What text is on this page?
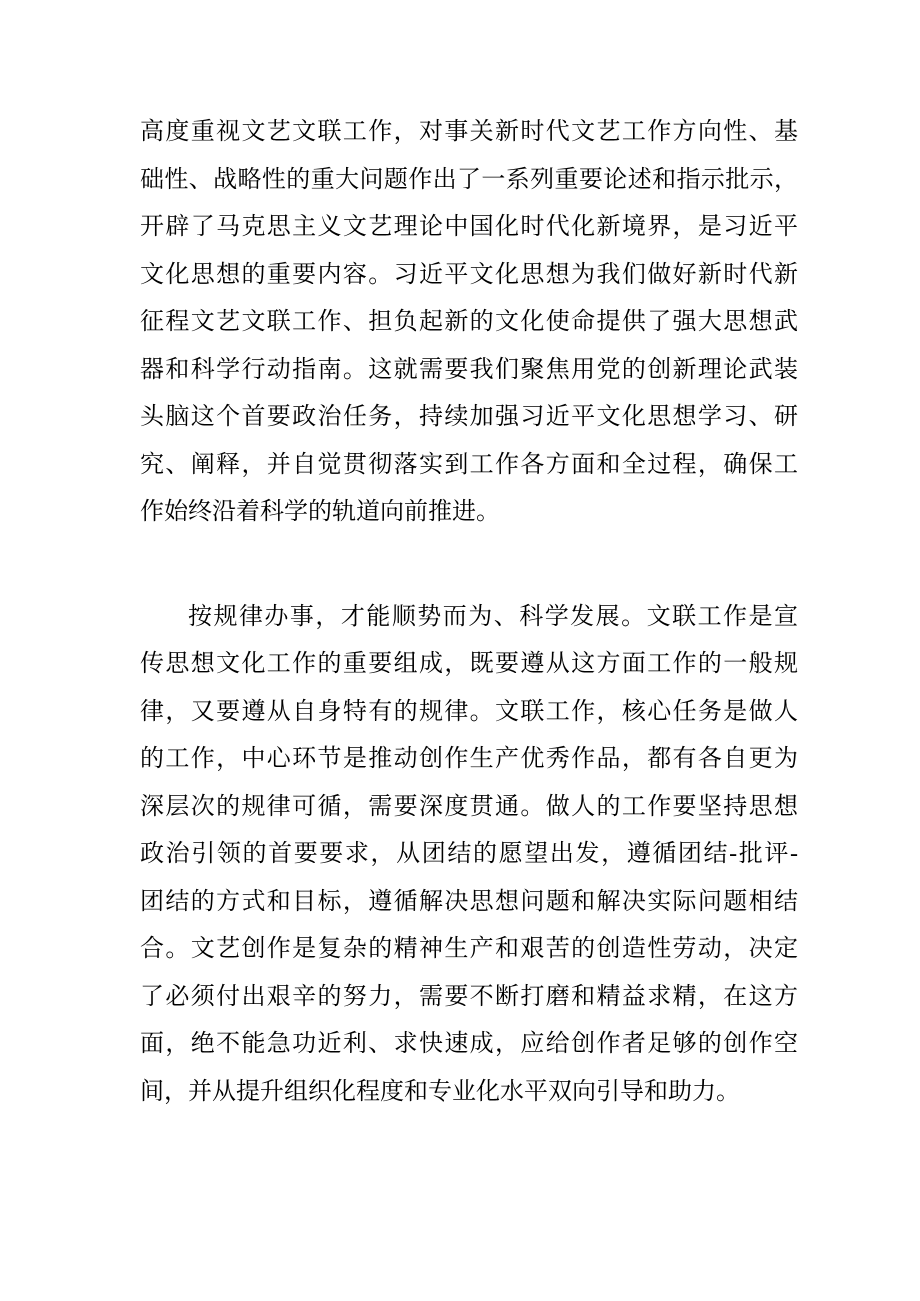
高度重视文艺文联工作，对事关新时代文艺工作方向性、基
础性、战略性的重大问题作出了一系列重要论述和指示批示，
开辟了马克思主义文艺理论中国化时代化新境界，是习近平
文化思想的重要内容。习近平文化思想为我们做好新时代新
征程文艺文联工作、担负起新的文化使命提供了强大思想武
器和科学行动指南。这就需要我们聚焦用党的创新理论武装
头脑这个首要政治任务，持续加强习近平文化思想学习、研
究、阐释，并自觉贯彻落实到工作各方面和全过程，确保工
作始终沿着科学的轨道向前推进。
按规律办事，才能顺势而为、科学发展。文联工作是宣
传思想文化工作的重要组成，既要遵从这方面工作的一般规
律，又要遵从自身特有的规律。文联工作，核心任务是做人
的工作，中心环节是推动创作生产优秀作品，都有各自更为
深层次的规律可循，需要深度贯通。做人的工作要坚持思想
政治引领的首要要求，从团结的愿望出发，遵循团结-批评-
团结的方式和目标，遵循解决思想问题和解决实际问题相结
合。文艺创作是复杂的精神生产和艰苦的创造性劳动，决定
了必须付出艰辛的努力，需要不断打磨和精益求精，在这方
面，绝不能急功近利、求快速成，应给创作者足够的创作空
间，并从提升组织化程度和专业化水平双向引导和助力。
